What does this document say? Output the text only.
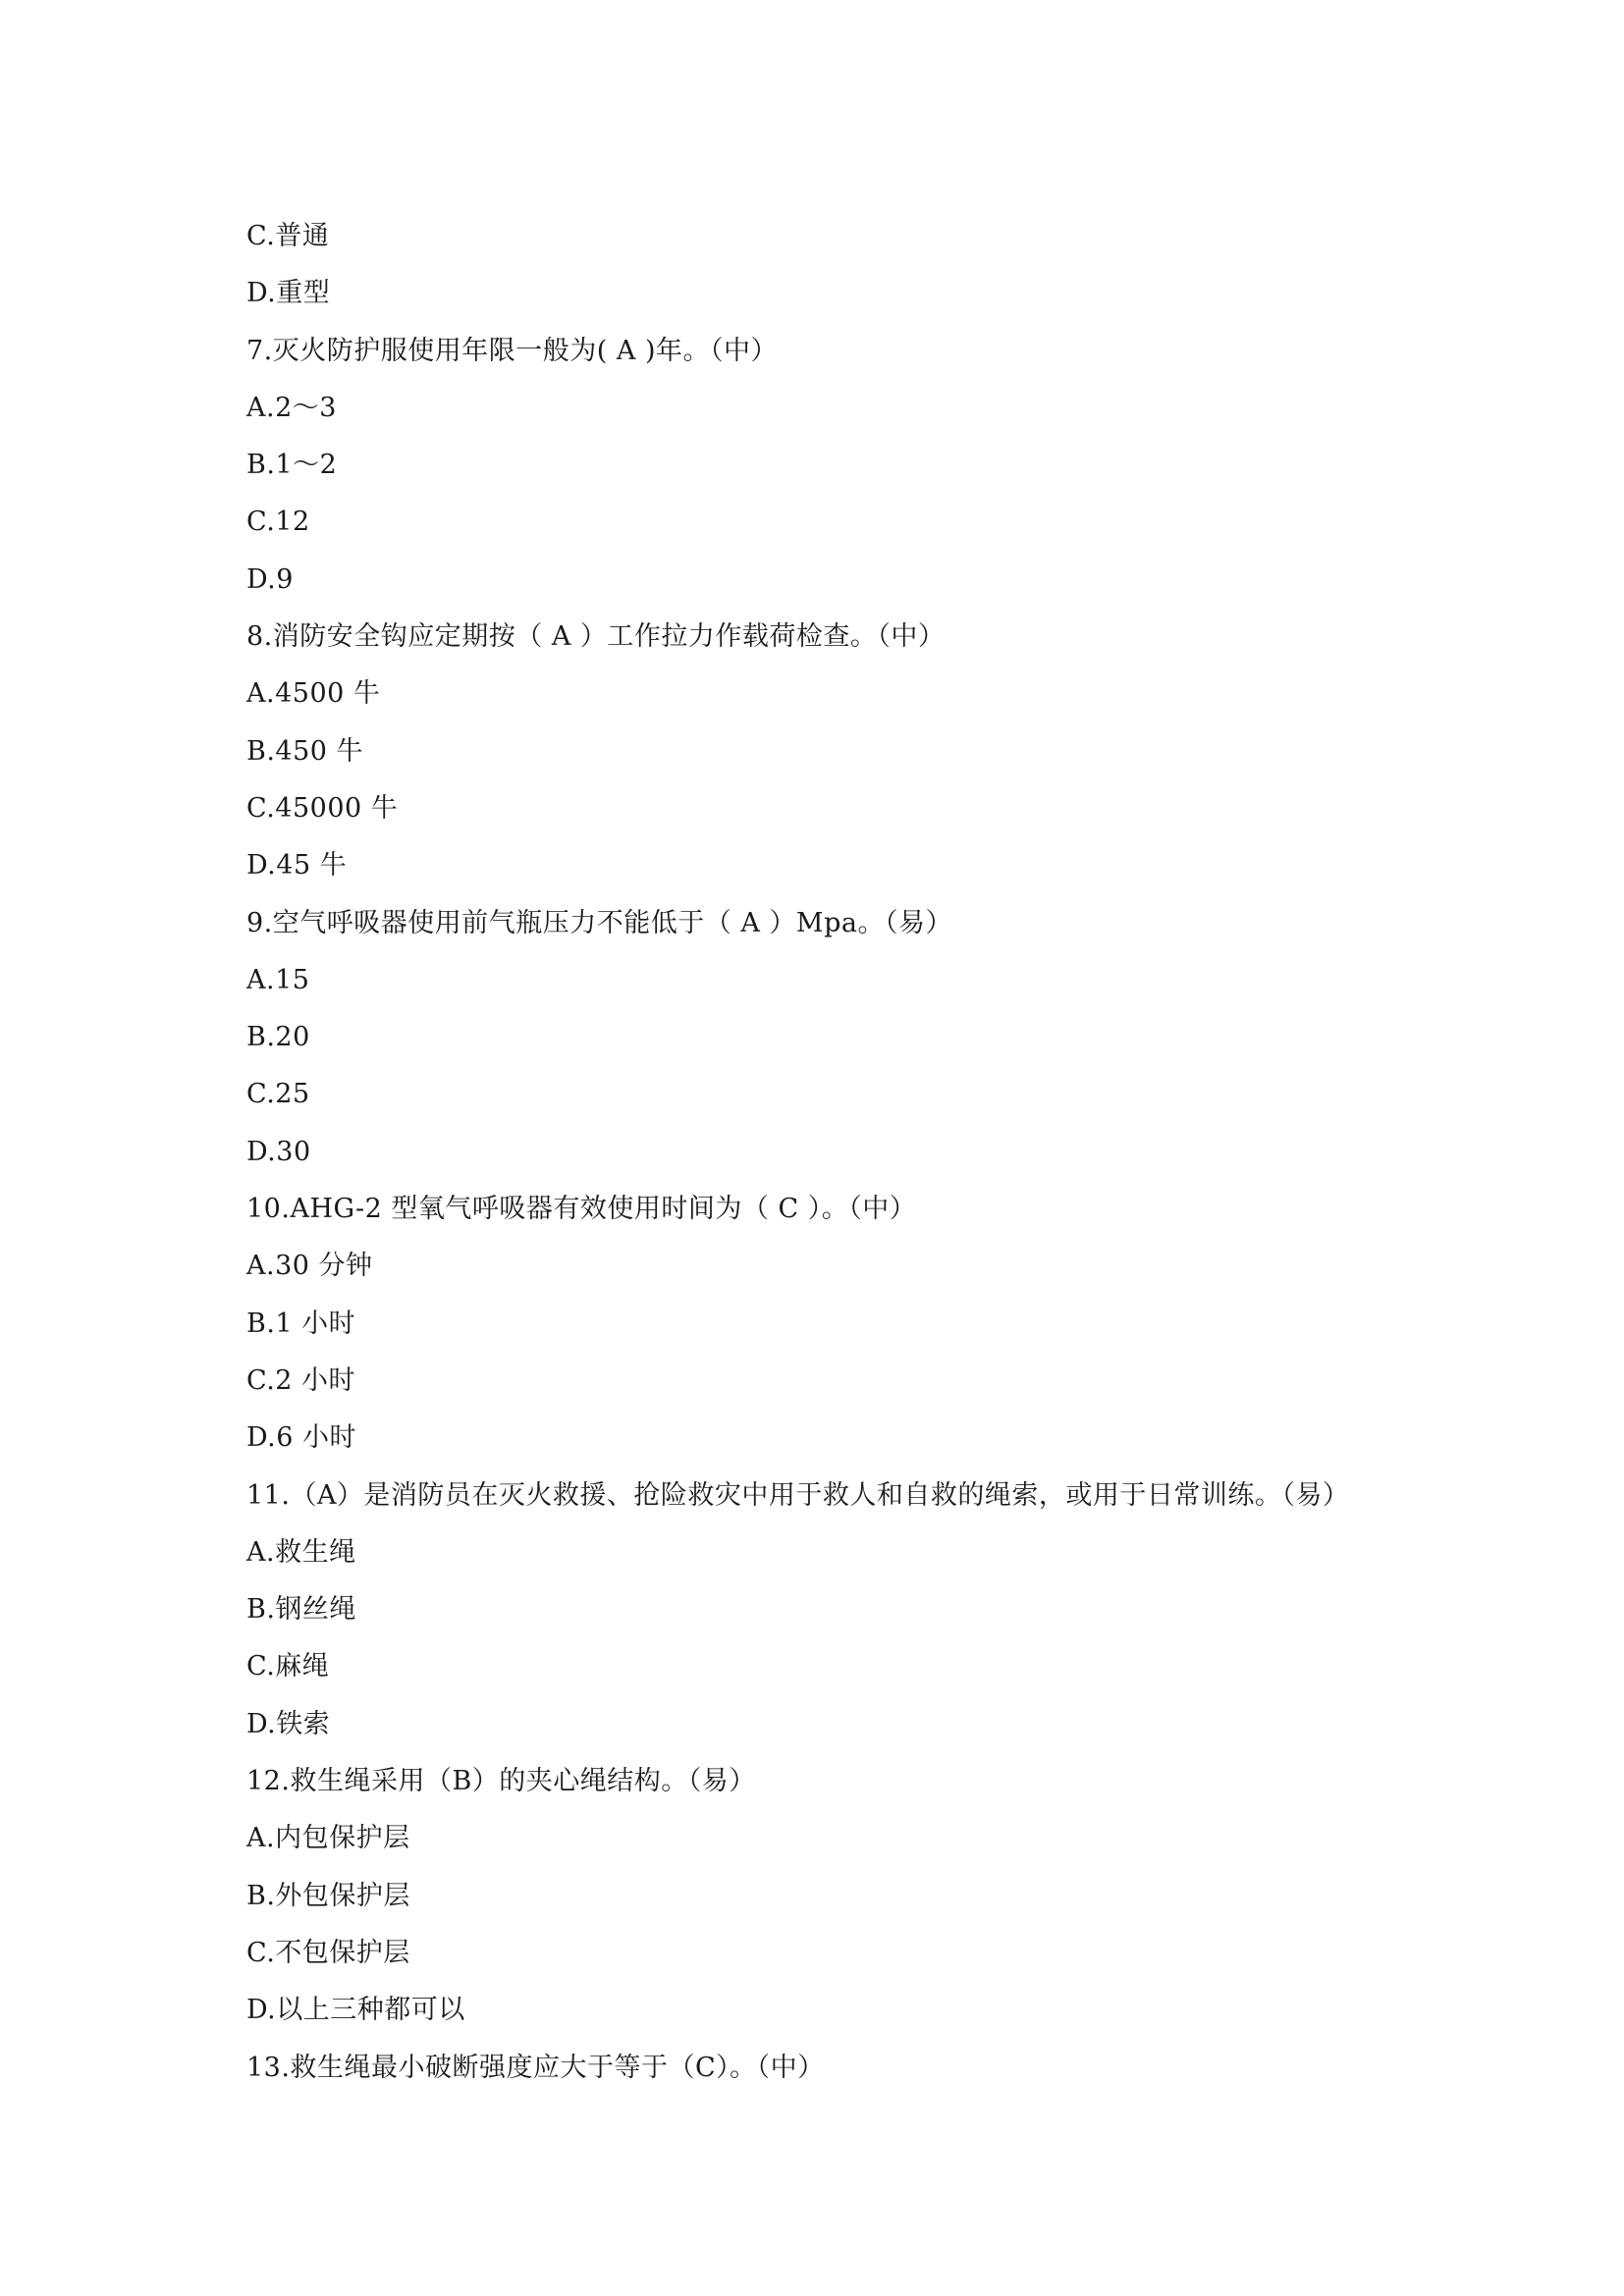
C.普通
D.重型
7.灭火防护服使用年限一般为( A )年。（中）
A.2～3
B.1～2
C.12
D.9
8.消防安全钩应定期按（ A ）工作拉力作载荷检查。（中）
A.4500 牛
B.450 牛
C.45000 牛
D.45 牛
9.空气呼吸器使用前气瓶压力不能低于（ A ）Mpa。（易）
A.15
B.20
C.25
D.30
10.AHG-2 型氧气呼吸器有效使用时间为（ C ）。（中）
A.30 分钟
B.1 小时
C.2 小时
D.6 小时
11.（A）是消防员在灭火救援、抢险救灾中用于救人和自救的绳索，或用于日常训练。（易）
A.救生绳
B.钢丝绳
C.麻绳
D.铁索
12.救生绳采用（B）的夹心绳结构。（易）
A.内包保护层
B.外包保护层
C.不包保护层
D.以上三种都可以
13.救生绳最小破断强度应大于等于（C）。（中）
